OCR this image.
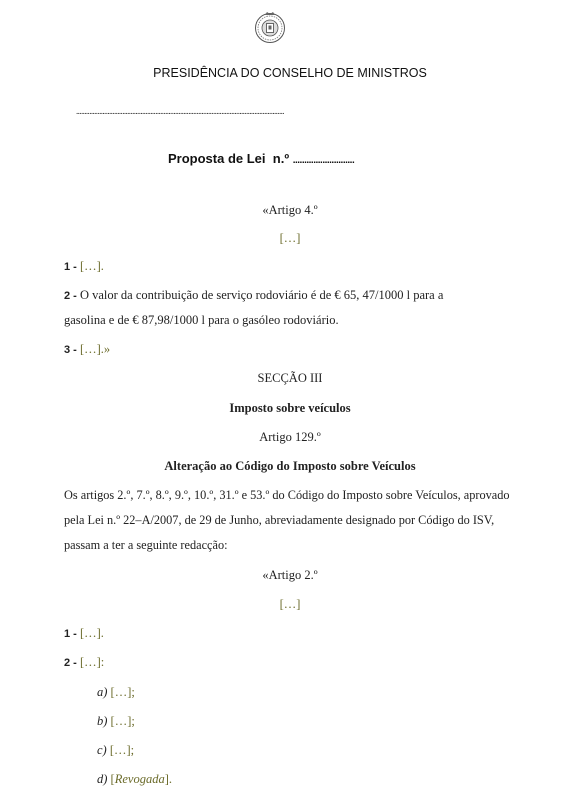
PRESIDÊNCIA DO CONSELHO DE MINISTROS
..............................................................................................................................
Proposta de Lei n.º ...........................
«Artigo 4.º
[…]
1 - […].
2 - O valor da contribuição de serviço rodoviário é de € 65, 47/1000 l para a
gasolina e de € 87,98/1000 l para o gasóleo rodoviário.
3 - […].»
SECÇÃO III
Imposto sobre veículos
Artigo 129.º
Alteração ao Código do Imposto sobre Veículos
Os artigos 2.º, 7.º, 8.º, 9.º, 10.º, 31.º e 53.º do Código do Imposto sobre Veículos, aprovado
pela Lei n.º 22–A/2007, de 29 de Junho, abreviadamente designado por Código do ISV,
passam a ter a seguinte redacção:
«Artigo 2.º
[…]
1 - […].
2 - […]:
a) […];
b) […];
c) […];
d) [Revogada].
